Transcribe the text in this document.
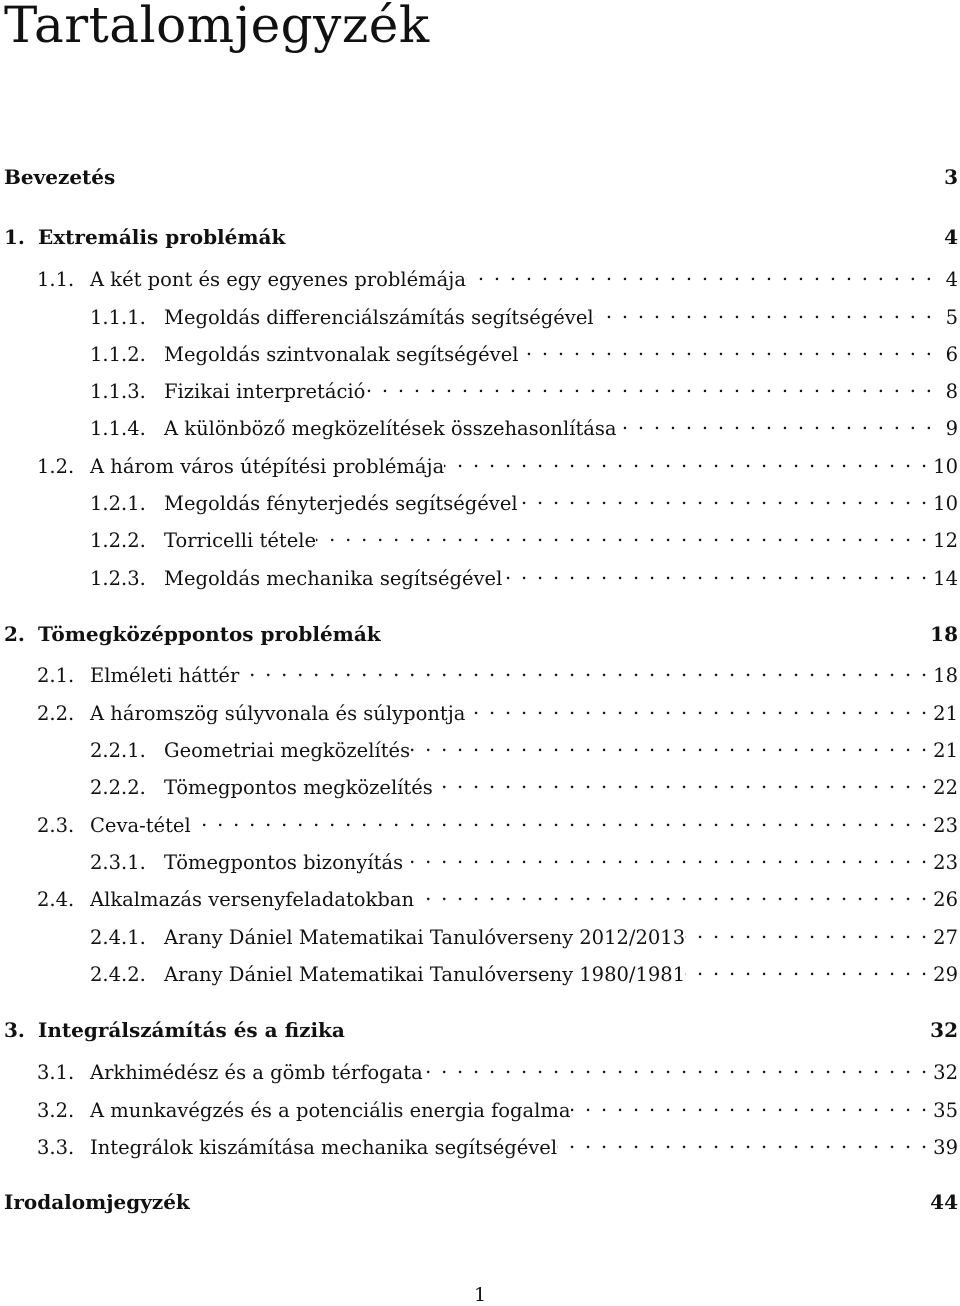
Tartalomjegyzék
Bevezetés	3
1. Extremális problémák	4
1.1. A két pont és egy egyenes problémája . . .	4
1.1.1. Megoldás differenciálszámítás segítségével . . .	5
1.1.2. Megoldás szintvonalak segítségével . . .	6
1.1.3. Fizikai interpretáció . . .	8
1.1.4. A különböző megközelítések összehasonlítása . . .	9
1.2. A három város útépítési problémája . . .	10
1.2.1. Megoldás fényterjedés segítségével . . .	10
1.2.2. Torricelli tétele . . .	12
1.2.3. Megoldás mechanika segítségével . . .	14
2. Tömegközéppontos problémák	18
2.1. Elméleti háttér . . .	18
2.2. A háromszög súlyvonala és súlypontja . . .	21
2.2.1. Geometriai megközelítés . . .	21
2.2.2. Tömegpontos megközelítés . . .	22
2.3. Ceva-tétel . . .	23
2.3.1. Tömegpontos bizonyítás . . .	23
2.4. Alkalmazás versenyfeladatokban . . .	26
2.4.1. Arany Dániel Matematikai Tanulóverseny 2012/2013 . . .	27
2.4.2. Arany Dániel Matematikai Tanulóverseny 1980/1981 . . .	29
3. Integrálszámítás és a fizika	32
3.1. Arkhimédész és a gömb térfogata . . .	32
3.2. A munkavégzés és a potenciális energia fogalma . . .	35
3.3. Integrálok kiszámítása mechanika segítségével . . .	39
Irodalomjegyzék	44
1
